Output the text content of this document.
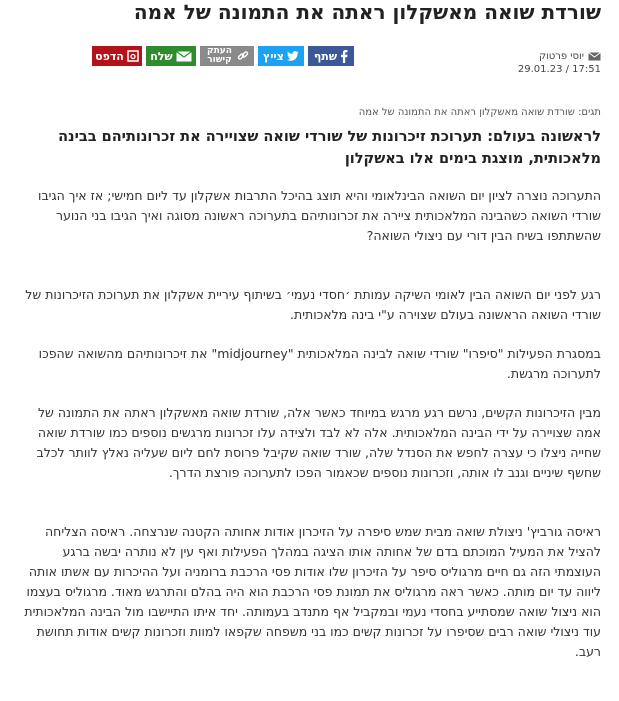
שורדת שואה מאשקלון ראתה את התמונה של אמה
הדפס שלח	העתק קישור	צייץ	שתף	יוסי פרטוק
17:51 / 29.01.23
תגים: שורדת שואה מאשקלון ראתה את התמונה של אמה
לראשונה בעולם: תערוכת זיכרונות של שורדי שואה שצויירה את זכרונותיהם בבינה מלאכותית, מוצגת בימים אלו באשקלון

התערוכה נוצרה לציון יום השואה הבינלאומי והיא תוצג בהיכל התרבות אשקלון עד ליום חמישי; אז איך הגיבו שורדי השואה כשהבינה המלאכותית ציירה את זכרונותיהם בתערוכה ראשונה מסוגה ואיך הגיבו בני הנוער שהשתתפו בשיח הבין דורי עם ניצולי השואה?

רגע לפני יום השואה הבין לאומי השיקה עמותת ׳חסדי נעמי׳ בשיתוף עיריית אשקלון את תערוכת הזיכרונות של שורדי השואה הראשונה בעולם שצוירה ע"י בינה מלאכותית.

במסגרת הפעילות "סיפרו" שורדי שואה לבינה המלאכותית "midjourney" את זיכרונותיהם מהשואה שהפכו לתערוכה מרגשת.

מבין הזיכרונות הקשים, נרשם רגע מרגש במיוחד כאשר אלה, שורדת שואה מאשקלון ראתה את התמונה של אמה שצויירה על ידי הבינה המלאכותית. אלה לא לבד ולצידה עלו זכרונות מרגשים נוספים כמו שורדת שואה שחייה ניצלו כי עצרה לחפש את הסנדל שלה, שורד שואה שקיבל פרוסת לחם ליום שעליה נאלץ לוותר לכלב שחשף שיניים וגנב לו אותה, וזכרונות נוספים שכאמור הפכו לתערוכה פורצת הדרך.

ראיסה גורביץ' ניצולת שואה מבית שמש סיפרה על הזיכרון אודות אחותה הקטנה שנרצחה. ראיסה הצליחה להציל את המעיל המוכתם בדם של אחותה אותו הציגה במהלך הפעילות ואף עין לא נותרה יבשה ברגע העוצמתי הזה גם חיים מרגוליס סיפר על הזיכרון שלו אודות פסי הרכבת ברומניה ועל ההיכרות עם אשתו אותה ליווה עד יום מותה. כאשר ראה מרגוליס את תמונת פסי הרכבת הוא היה בהלם והתרגש מאוד. מרגוליס בעצמו הוא ניצול שואה שמסתייע בחסדי נעמי ובמקביל אף מתנדב בעמותה. יחד איתו התיישבו מול הבינה המלאכותית עוד ניצולי שואה רבים שסיפרו על זכרונות קשים כמו בני משפחה שקפאו למוות וזכרונות קשים אודות תחושת רעב.
